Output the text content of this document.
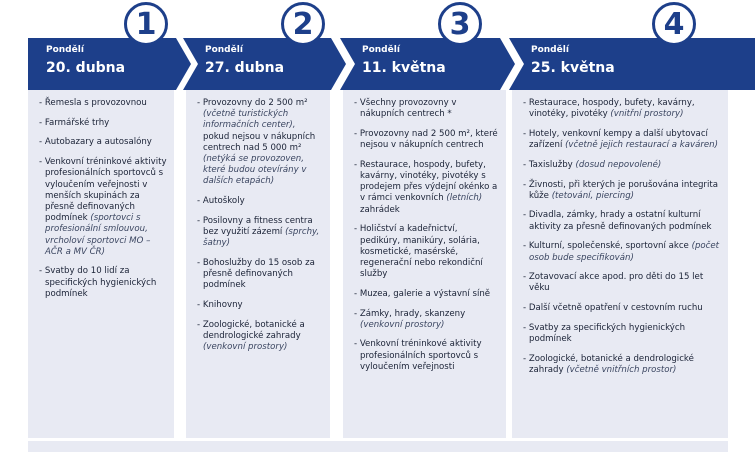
1
Pondělí
20. dubna
- Řemesla s provozovnou
- Farmářské trhy
- Autobazary a autosalóny
- Venkovní tréninkové aktivity profesionálních sportovců s vyloučením veřejnosti v menších skupinách za přesně definovaných podmínek (sportovci s profesionální smlouvou, vrcholoví sportovci MO – AČR a MV ČR)
- Svatby do 10 lidí za specifických hygienických podmínek
2
Pondělí
27. dubna
- Provozovny do 2 500 m² (včetně turistických informačních center), pokud nejsou v nákupních centrech nad 5 000 m² (netýká se provozoven, které budou otevírány v dalších etapách)
- Autoškoly
- Posilovny a fitness centra bez využití zázemí (sprchy, šatny)
- Bohoslužby do 15 osob za přesně definovaných podmínek
- Knihovny
- Zoologické, botanické a dendrologické zahrady (venkovní prostory)
3
Pondělí
11. května
- Všechny provozovny v nákupních centrech *
- Provozovny nad 2 500 m², které nejsou v nákupních centrech
- Restaurace, hospody, bufety, kavárny, vinotéky, pivotéky s prodejem přes výdejní okénko a v rámci venkovních (letních) zahrádek
- Holičství a kadeřnictví, pedikúry, manikúry, solária, kosmetické, masérské, regenerační nebo rekondiční služby
- Muzea, galerie a výstavní síně
- Zámky, hrady, skanzeny (venkovní prostory)
- Venkovní tréninkové aktivity profesionálních sportovců s vyloučením veřejnosti
4
Pondělí
25. května
- Restaurace, hospody, bufety, kavárny, vinotéky, pivotéky (vnitřní prostory)
- Hotely, venkovní kempy a další ubytovací zařízení (včetně jejich restaurací a kaváren)
- Taxislužby (dosud nepovolené)
- Živnosti, při kterých je porušována integrita kůže (tetování, piercing)
- Divadla, zámky, hrady a ostatní kulturní aktivity za přesně definovaných podmínek
- Kulturní, společenské, sportovní akce (počet osob bude specifikován)
- Zotavovací akce apod. pro děti do 15 let věku
- Další včetně opatření v cestovním ruchu
- Svatby za specifických hygienických podmínek
- Zoologické, botanické a dendrologické zahrady (včetně vnitřních prostor)
